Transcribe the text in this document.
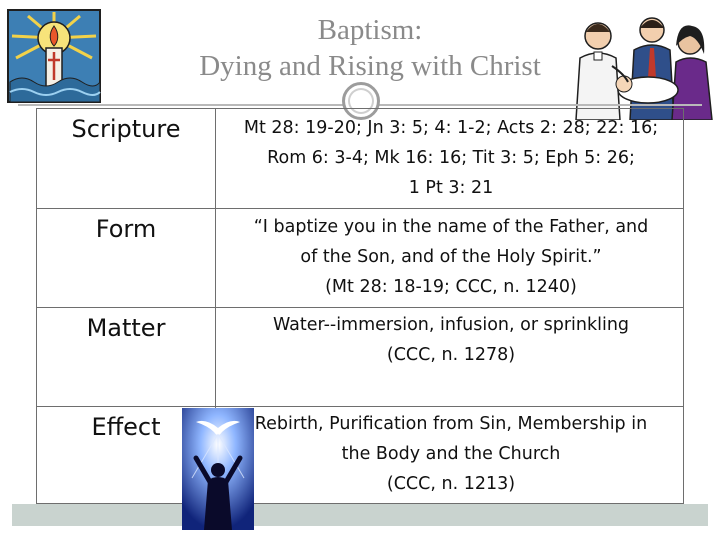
Baptism:
Dying and Rising with Christ
Scripture	Mt 28: 19-20; Jn 3: 5; 4: 1-2; Acts 2: 28; 22: 16;
Rom 6: 3-4; Mk 16: 16; Tit 3: 5; Eph 5: 26;
1 Pt 3: 21
Form	“I baptize you in the name of the Father, and
of the Son, and of the Holy Spirit.”
(Mt 28: 18-19; CCC, n. 1240)
Matter	Water--immersion, infusion, or sprinkling
(CCC, n. 1278)
Effect	Rebirth, Purification from Sin, Membership in
the Body and the Church
(CCC, n. 1213)
